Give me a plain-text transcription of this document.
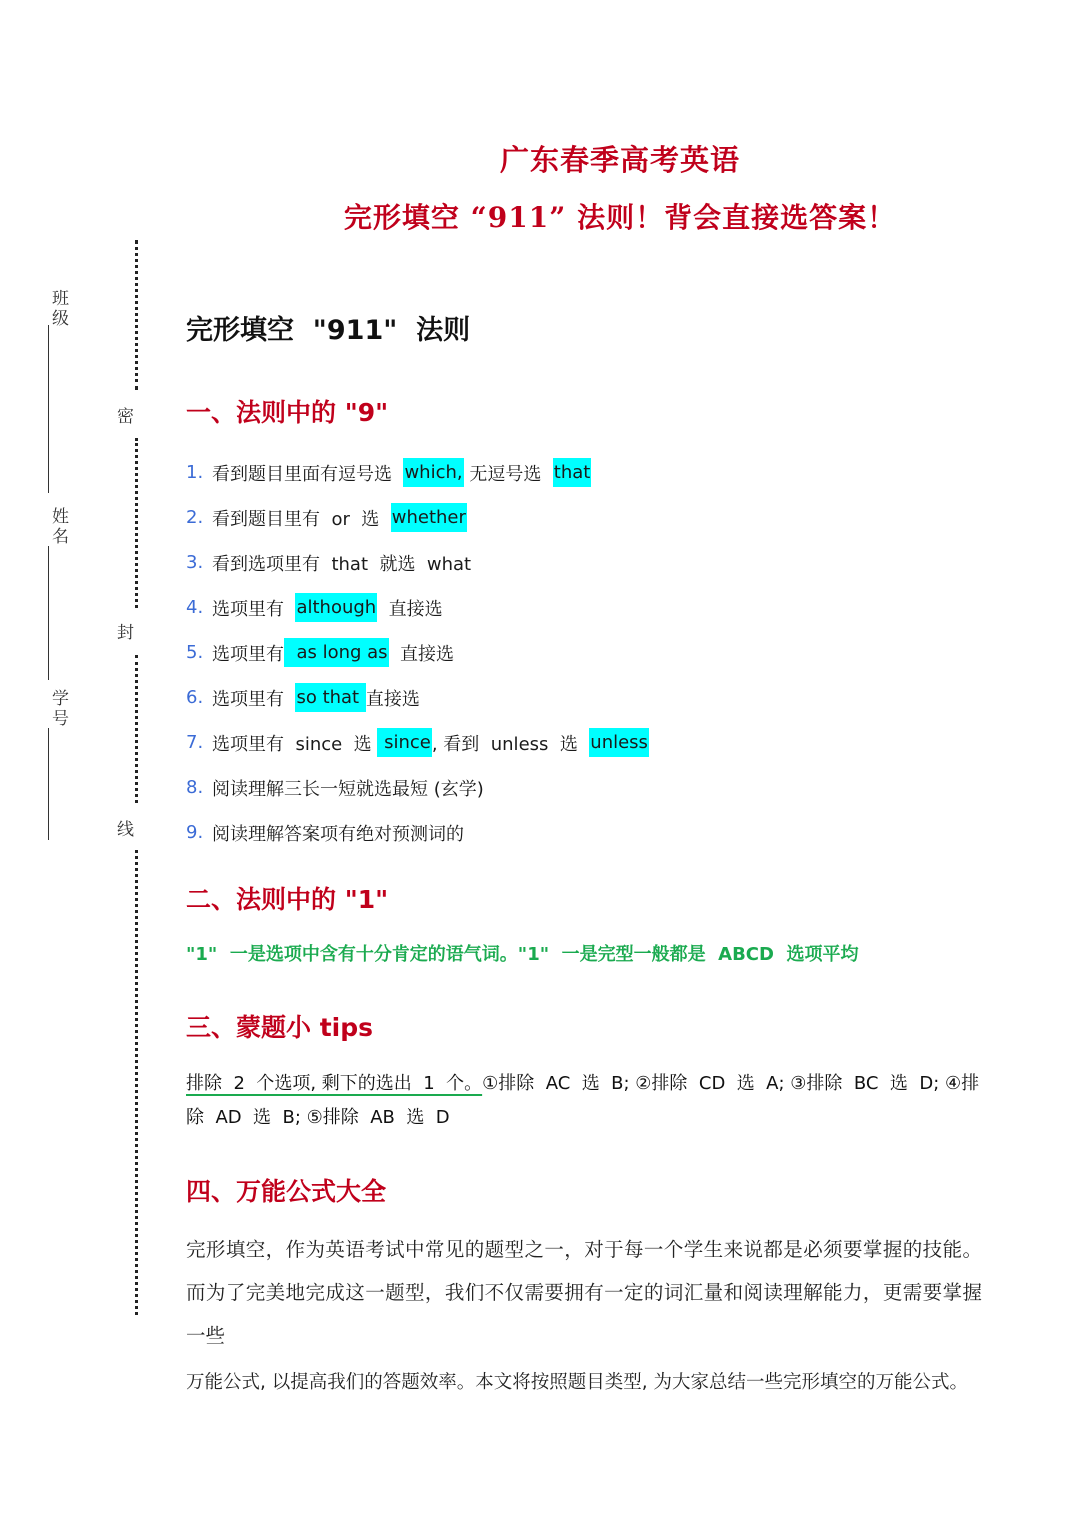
广东春季高考英语
完形填空 “911” 法则！背会直接选答案！
密
封
线
班级
姓名
学号
完形填空  "911"  法则
一、法则中的 "9"
1. 看到题目里面有逗号选 which, 无逗号选 that
2. 看到题目里有  or  选 whether
3. 看到选项里有  that  就选  what
4. 选项里有 although 直接选
5. 选项里有 as long as 直接选
6. 选项里有 so that 直接选
7. 选项里有  since  选 since , 看到  unless  选 unless
8. 阅读理解三长一短就选最短 (玄学)
9. 阅读理解答案项有绝对预测词的
二、法则中的 "1"
"1"  一是选项中含有十分肯定的语气词。"1"  一是完型一般都是  ABCD  选项平均
三、蒙题小 tips
排除  2  个选项, 剩下的选出  1  个。①排除  AC  选  B; ②排除  CD  选  A; ③排除  BC  选  D; ④排除  AD  选  B; ⑤排除  AB  选  D
四、万能公式大全
完形填空，作为英语考试中常见的题型之一，对于每一个学生来说都是必须要掌握的技能。而为了完美地完成这一题型，我们不仅需要拥有一定的词汇量和阅读理解能力，更需要掌握一些
万能公式, 以提高我们的答题效率。本文将按照题目类型, 为大家总结一些完形填空的万能公式。
